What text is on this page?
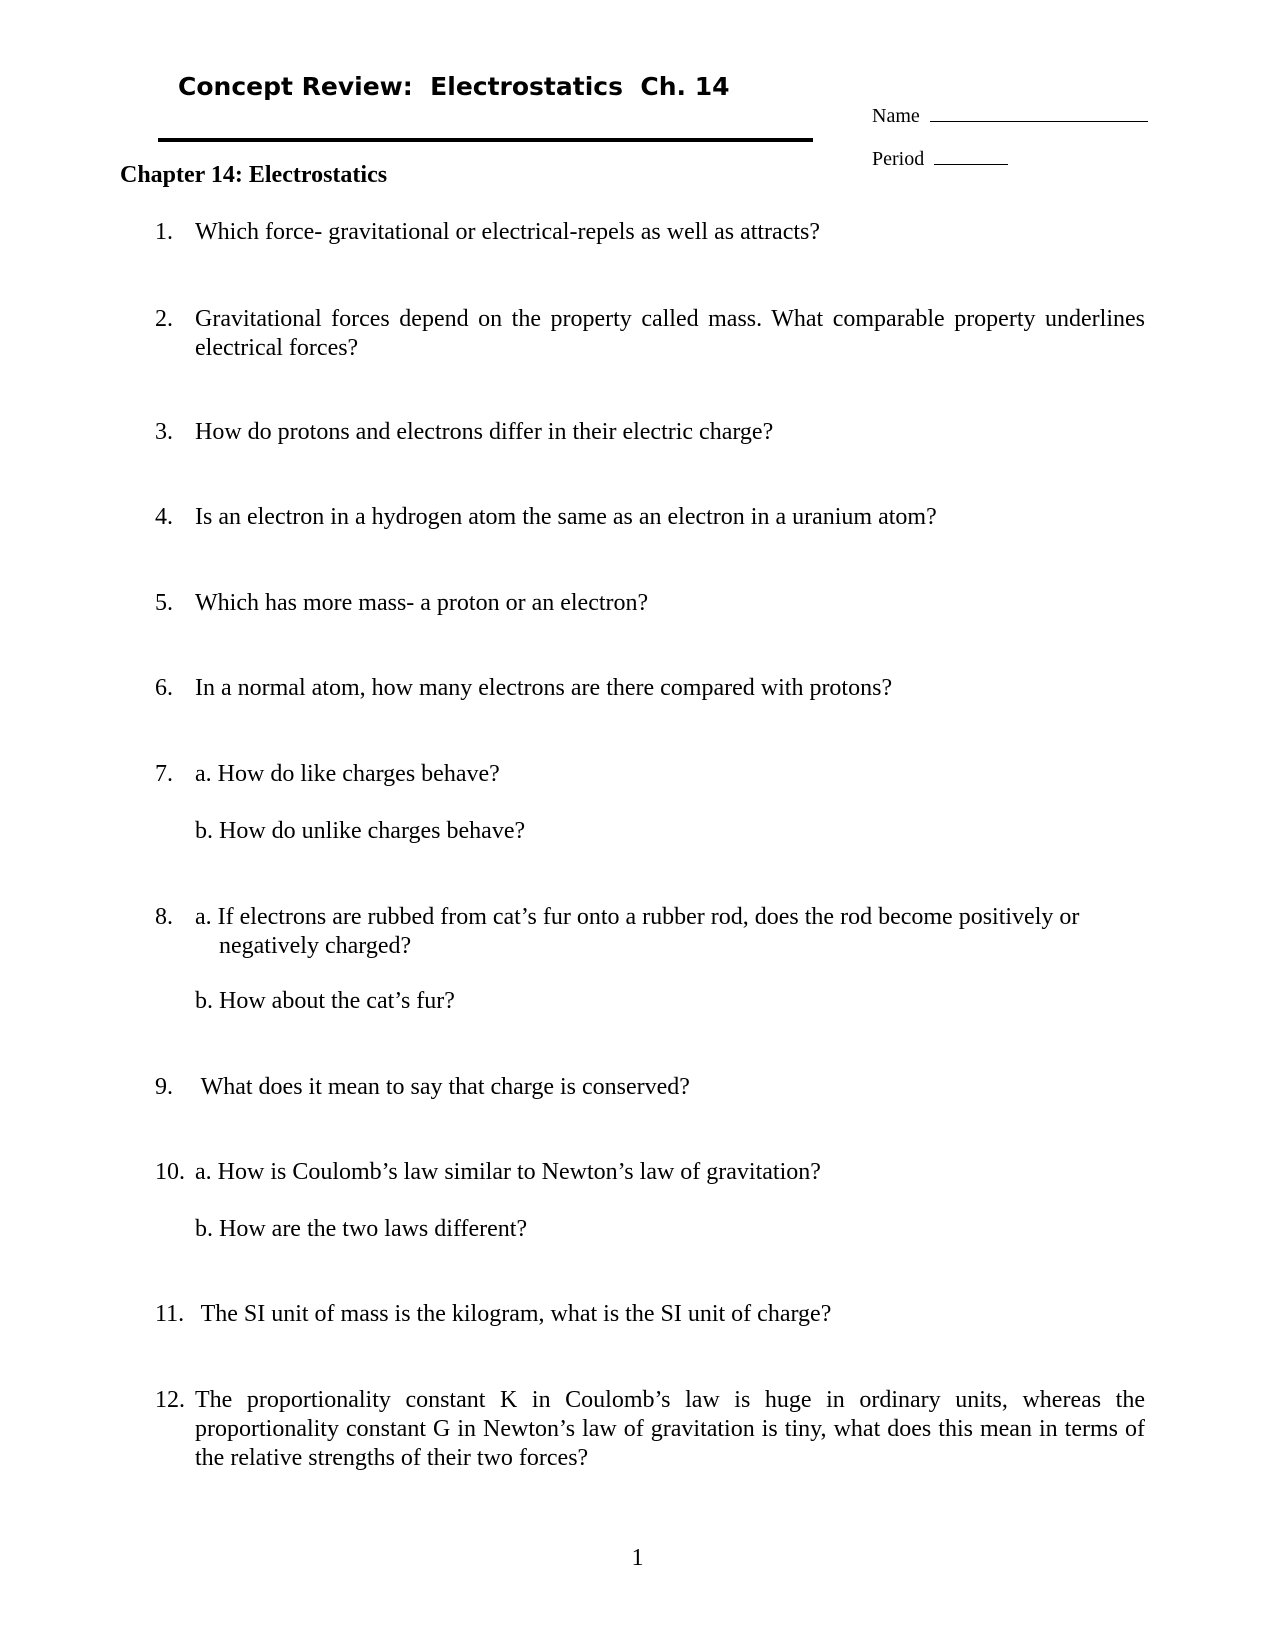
Concept Review:  Electrostatics  Ch. 14

Name

Period

Chapter 14: Electrostatics
1. Which force- gravitational or electrical-repels as well as attracts?
2. Gravitational forces depend on the property called mass. What comparable property underlines electrical forces?
3. How do protons and electrons differ in their electric charge?
4. Is an electron in a hydrogen atom the same as an electron in a uranium atom?
5. Which has more mass- a proton or an electron?
6. In a normal atom, how many electrons are there compared with protons?
7. a. How do like charges behave?
b. How do unlike charges behave?
8. a. If electrons are rubbed from cat’s fur onto a rubber rod, does the rod become positively or negatively charged?
b. How about the cat’s fur?
9. What does it mean to say that charge is conserved?
10. a. How is Coulomb’s law similar to Newton’s law of gravitation?
b. How are the two laws different?
11. The SI unit of mass is the kilogram, what is the SI unit of charge?
12. The proportionality constant K in Coulomb’s law is huge in ordinary units, whereas the proportionality constant G in Newton’s law of gravitation is tiny, what does this mean in terms of the relative strengths of their two forces?
1
